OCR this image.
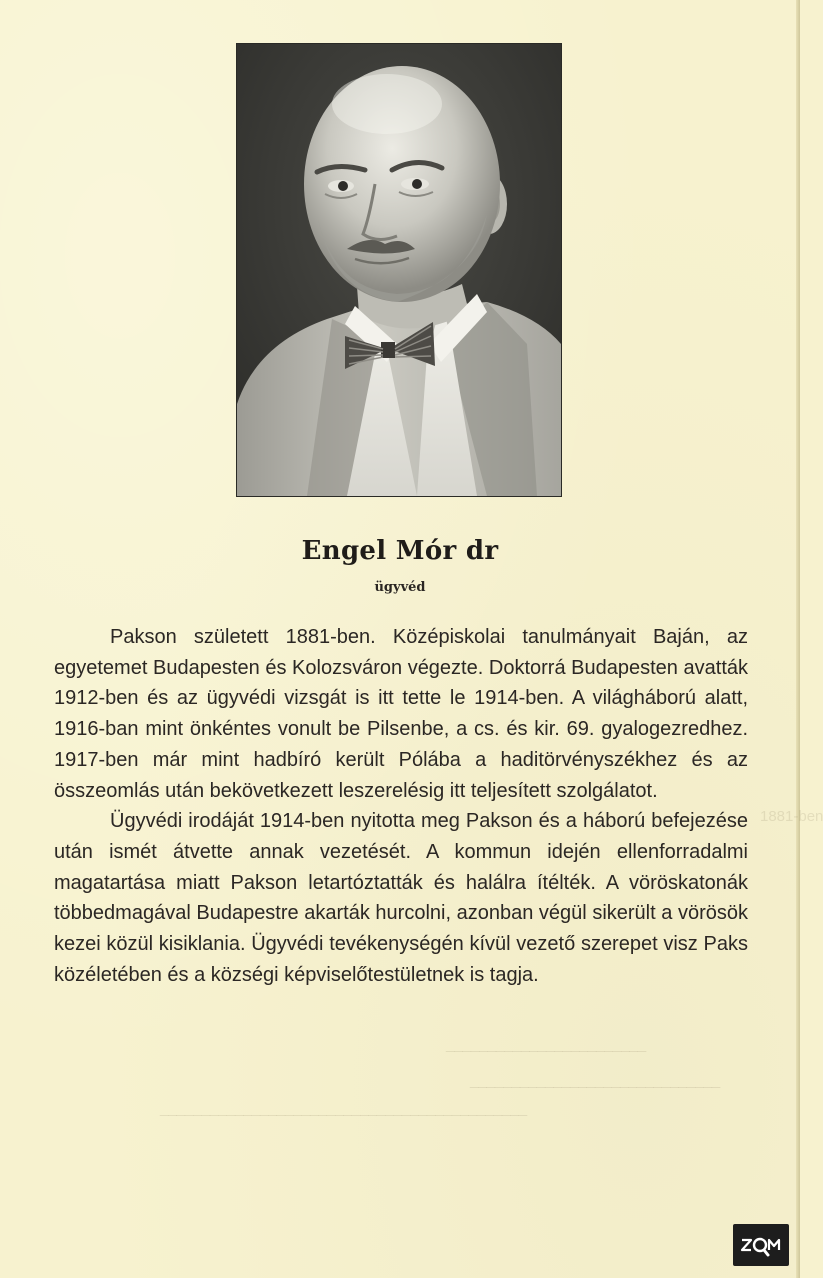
1881-ben
________________________
______________________________
____________________________________________
Engel Mór dr
ügyvéd

Pakson született 1881-ben. Középiskolai tanulmányait Baján, az egyetemet Budapesten és Kolozsváron végezte. Doktorrá Budapesten avatták 1912-ben és az ügyvédi vizsgát is itt tette le 1914-ben. A világháború alatt, 1916-ban mint önkéntes vonult be Pilsenbe, a cs. és kir. 69. gyalogezredhez. 1917-ben már mint hadbíró került Pólába a haditörvényszékhez és az összeomlás után bekövetkezett leszerelésig itt teljesített szolgálatot.

Ügyvédi irodáját 1914-ben nyitotta meg Pakson és a háború befejezése után ismét átvette annak vezetését. A kommun idején ellenforradalmi magatartása miatt Pakson letartóztatták és halálra ítélték. A vöröskatonák többedmagával Budapestre akarták hurcolni, azonban végül sikerült a vörösök kezei közül kisiklania. Ügyvédi tevékenységén kívül vezető szerepet visz Paks közéletében és a községi képviselőtestületnek is tagja.
